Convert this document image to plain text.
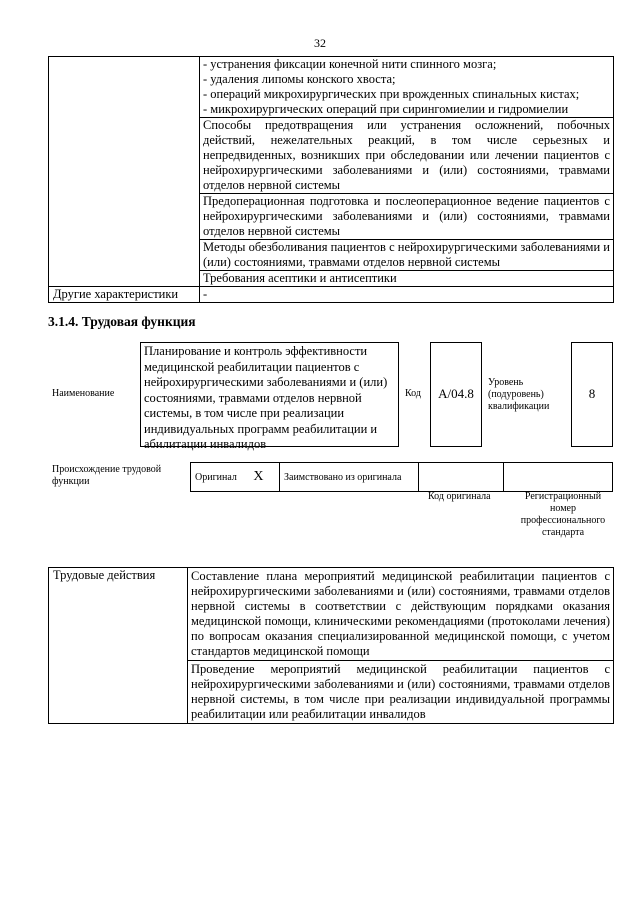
32

	- устранения фиксации конечной нити спинного мозга;
- удаления липомы конского хвоста;
- операций микрохирургических при врожденных спинальных кистах;
- микрохирургических операций при сирингомиелии и гидромиелии

	Способы предотвращения или устранения осложнений, побочных действий, нежелательных реакций, в том числе серьезных и непредвиденных, возникших при обследовании или лечении пациентов с нейрохирургическими заболеваниями и (или) состояниями, травмами отделов нервной системы
	Предоперационная подготовка и послеоперационное ведение пациентов с нейрохирургическими заболеваниями и (или) состояниями, травмами отделов нервной системы
	Методы обезболивания пациентов с нейрохирургическими заболеваниями и (или) состояниями, травмами отделов нервной системы
	Требования асептики и антисептики
Другие характеристики	-
3.1.4. Трудовая функция
Наименование
Планирование и контроль эффективности медицинской реабилитации пациентов с нейрохирургическими заболеваниями и (или) состояниями, травмами отделов нервной системы, в том числе при реализации индивидуальных программ реабилитации и абилитации инвалидов
Код	A/04.8
Уровень
(подуровень)
квалификации
8
Происхождение трудовой
функции	Оригинал X	Заимствовано из оригинала		
Код оригинала	Регистрационный
номер
профессионального
стандарта
Трудовые действия	Составление плана мероприятий медицинской реабилитации пациентов с нейрохирургическими заболеваниями и (или) состояниями, травмами отделов нервной системы в соответствии с действующим порядками оказания медицинской помощи, клиническими рекомендациями (протоколами лечения) по вопросам оказания специализированной медицинской помощи, с учетом стандартов медицинской помощи
Проведение мероприятий медицинской реабилитации пациентов с нейрохирургическими заболеваниями и (или) состояниями, травмами отделов нервной системы, в том числе при реализации индивидуальной программы реабилитации или реабилитации инвалидов
